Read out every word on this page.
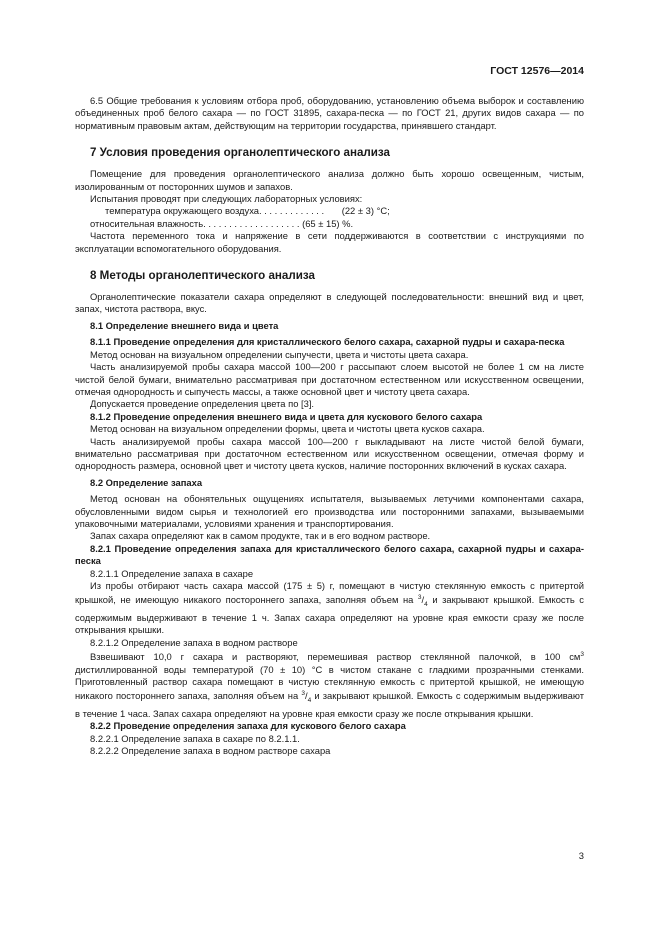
ГОСТ 12576—2014

6.5 Общие требования к условиям отбора проб, оборудованию, установлению объема выборок и составлению объединенных проб белого сахара — по ГОСТ 31895, сахара-песка — по ГОСТ 21, других видов сахара — по нормативным правовым актам, действующим на территории государства, принявшего стандарт.

7 Условия проведения органолептического анализа

Помещение для проведения органолептического анализа должно быть хорошо освещенным, чистым, изолированным от посторонних шумов и запахов.

Испытания проводят при следующих лабораторных условиях:

температура окружающего воздуха. . . . . . . . . . . . .	(22 ± 3) °С;
относительная влажность. . . . . . . . . . . . . . . . . . . (65 ± 15) %.

Частота переменного тока и напряжение в сети поддерживаются в соответствии с инструкциями по эксплуатации вспомогательного оборудования.

8 Методы органолептического анализа

Органолептические показатели сахара определяют в следующей последовательности: внешний вид и цвет, запах, чистота раствора, вкус.

8.1 Определение внешнего вида и цвета

8.1.1 Проведение определения для кристаллического белого сахара, сахарной пудры и сахара-песка

Метод основан на визуальном определении сыпучести, цвета и чистоты цвета сахара.

Часть анализируемой пробы сахара массой 100—200 г рассыпают слоем высотой не более 1 см на листе чистой белой бумаги, внимательно рассматривая при достаточном естественном или искусственном освещении, отмечая однородность и сыпучесть массы, а также основной цвет и чистоту цвета сахара.

Допускается проведение определения цвета по [3].

8.1.2 Проведение определения внешнего вида и цвета для кускового белого сахара

Метод основан на визуальном определении формы, цвета и чистоты цвета кусков сахара.

Часть анализируемой пробы сахара массой 100—200 г выкладывают на листе чистой белой бумаги, внимательно рассматривая при достаточном естественном или искусственном освещении, отмечая форму и однородность размера, основной цвет и чистоту цвета кусков, наличие посторонних включений в кусках сахара.

8.2 Определение запаха

Метод основан на обонятельных ощущениях испытателя, вызываемых летучими компонентами сахара, обусловленными видом сырья и технологией его производства или посторонними запахами, вызываемыми упаковочными материалами, условиями хранения и транспортирования.

Запах сахара определяют как в самом продукте, так и в его водном растворе.

8.2.1 Проведение определения запаха для кристаллического белого сахара, сахарной пудры и сахара-песка

8.2.1.1 Определение запаха в сахаре

Из пробы отбирают часть сахара массой (175 ± 5) г, помещают в чистую стеклянную емкость с притертой крышкой, не имеющую никакого постороннего запаха, заполняя объем на $^3/_4$ и закрывают крышкой. Емкость с содержимым выдерживают в течение 1 ч. Запах сахара определяют на уровне края емкости сразу же после открывания крышки.

8.2.1.2 Определение запаха в водном растворе

Взвешивают 10,0 г сахара и растворяют, перемешивая раствор стеклянной палочкой, в 100 $см^3$ дистиллированной воды температурой (70 ± 10) °С в чистом стакане с гладкими прозрачными стенками. Приготовленный раствор сахара помещают в чистую стеклянную емкость с притертой крышкой, не имеющую никакого постороннего запаха, заполняя объем на $^3/_4$ и закрывают крышкой. Емкость с содержимым выдерживают в течение 1 часа. Запах сахара определяют на уровне края емкости сразу же после открывания крышки.

8.2.2 Проведение определения запаха для кускового белого сахара

8.2.2.1 Определение запаха в сахаре по 8.2.1.1.

8.2.2.2 Определение запаха в водном растворе сахара

3
